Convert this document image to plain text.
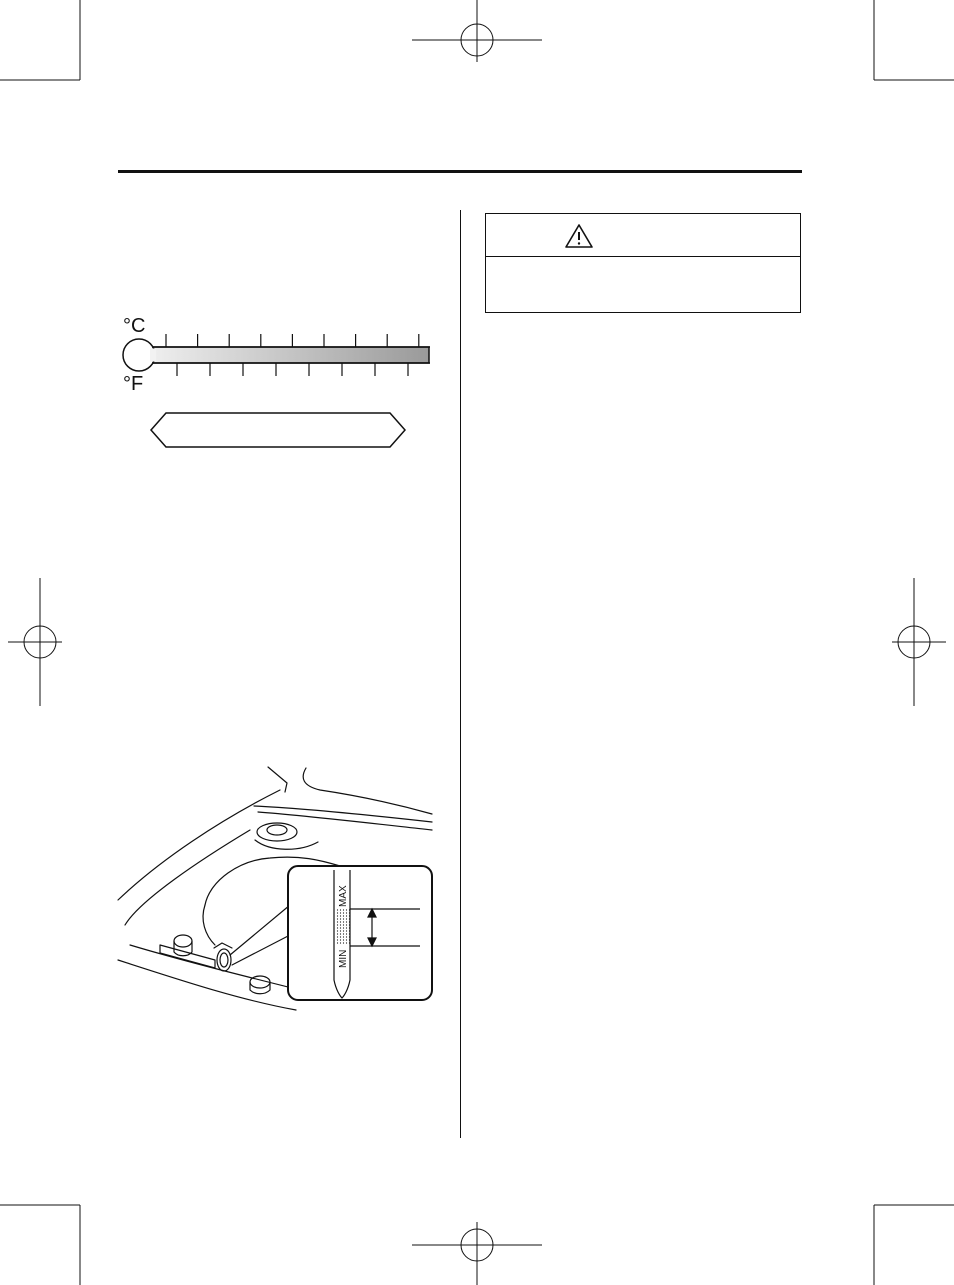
°C
°F
MAX
MIN
